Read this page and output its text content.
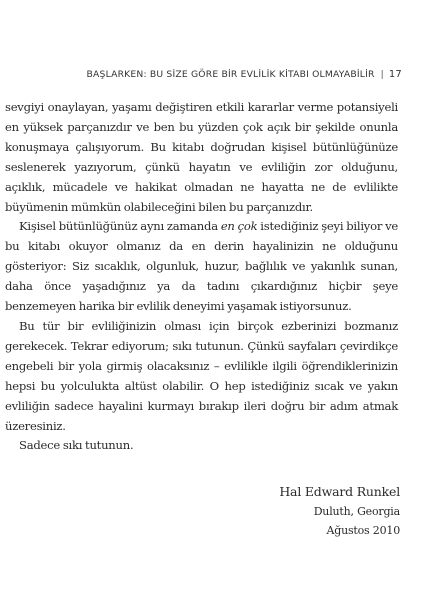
BAŞLARKEN: BU SİZE GÖRE BİR EVLİLİK KİTABI OLMAYABİLİR | 17

sevgiyi onaylayan, yaşamı değiştiren etkili kararlar verme potansiyeli en yüksek parçanızdır ve ben bu yüzden çok açık bir şekilde onunla konuşmaya çalışıyorum. Bu kitabı doğrudan kişisel bütünlüğünüze seslenerek yazıyorum, çünkü hayatın ve evliliğin zor olduğunu, açıklık, mücadele ve hakikat olmadan ne hayatta ne de evlilikte büyümenin mümkün olabileceğini bilen bu parçanızdır.

Kişisel bütünlüğünüz aynı zamanda en çok istediğiniz şeyi biliyor ve bu kitabı okuyor olmanız da en derin hayalinizin ne olduğunu gösteriyor: Siz sıcaklık, olgunluk, huzur, bağlılık ve yakınlık sunan, daha önce yaşadığınız ya da tadını çıkardığınız hiçbir şeye benzemeyen harika bir evlilik deneyimi yaşamak istiyorsunuz.

Bu tür bir evliliğinizin olması için birçok ezberinizi bozmanız gerekecek. Tekrar ediyorum; sıkı tutunun. Çünkü sayfaları çevirdikçe engebeli bir yola girmiş olacaksınız – evlilikle ilgili öğrendiklerinizin hepsi bu yolculukta altüst olabilir. O hep istediğiniz sıcak ve yakın evliliğin sadece hayalini kurmayı bırakıp ileri doğru bir adım atmak üzeresiniz.

Sadece sıkı tutunun.

Hal Edward Runkel
Duluth, Georgia
Ağustos 2010
